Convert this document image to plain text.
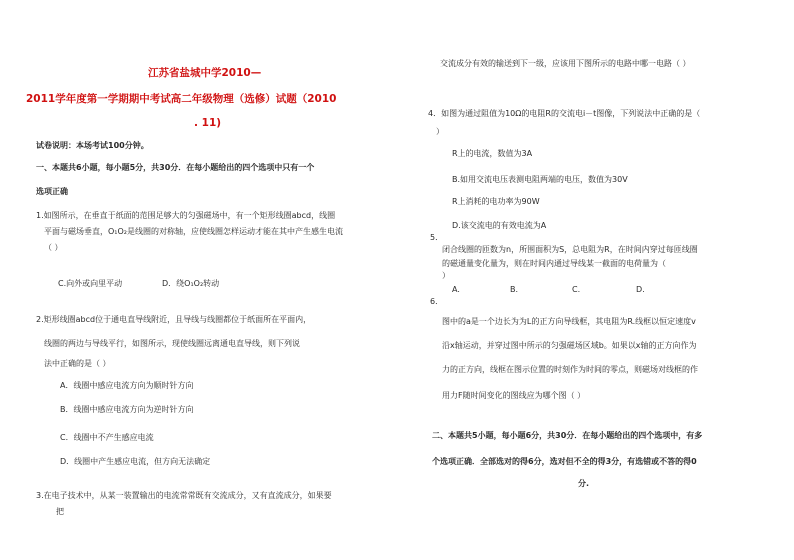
江苏省盐城中学2010—
2011学年度第一学期期中考试高二年级物理（选修）试题（2010
. 11)
试卷说明：本场考试100分钟。
一、本题共6小题，每小题5分，共30分．在每小题给出的四个选项中只有一个
选项正确
1.如图所示，在垂直于纸面的范围足够大的匀强磁场中，有一个矩形线圈abcd，线圈
平面与磁场垂直，O₁O₂是线圈的对称轴，应使线圈怎样运动才能在其中产生感生电流
（ ）
C.向外或向里平动	D．绕O₁O₂转动
2.矩形线圈abcd位于通电直导线附近，且导线与线圈都位于纸面所在平面内，
线圈的两边与导线平行，如图所示，现使线圈远离通电直导线，则下列说
法中正确的是（ ）
A．线圈中感应电流方向为顺时针方向
B．线圈中感应电流方向为逆时针方向
C．线圈中不产生感应电流
D．线圈中产生感应电流，但方向无法确定
3.在电子技术中，从某一装置输出的电流常常既有交流成分，又有直流成分，如果要
把
交流成分有效的输送到下一级，应该用下图所示的电路中哪一电路（ ）
4．如图为通过阻值为10Ω的电阻R的交流电i－t图像，下列说法中正确的是（
）
R上的电流，数值为3A
B.如用交流电压表测电阻两端的电压，数值为30V
R上消耗的电功率为90W
D.该交流电的有效电流为A
5．
闭合线圈的匝数为n，所围面积为S，总电阻为R，在时间内穿过每匝线圈
的磁通量变化量为，则在时间内通过导线某一截面的电荷量为（
）
A.	B.	C.	D.
6．
图中的a是一个边长为为L的正方向导线框，其电阻为R.线框以恒定速度v
沿x轴运动，并穿过图中所示的匀强磁场区域b。如果以x轴的正方向作为
力的正方向，线框在图示位置的时刻作为时间的零点，则磁场对线框的作
用力F随时间变化的图线应为哪个图（ ）
二、本题共5小题，每小题6分，共30分．在每小题给出的四个选项中，有多
个选项正确．全部选对的得6分，选对但不全的得3分，有选错或不答的得0
分.
